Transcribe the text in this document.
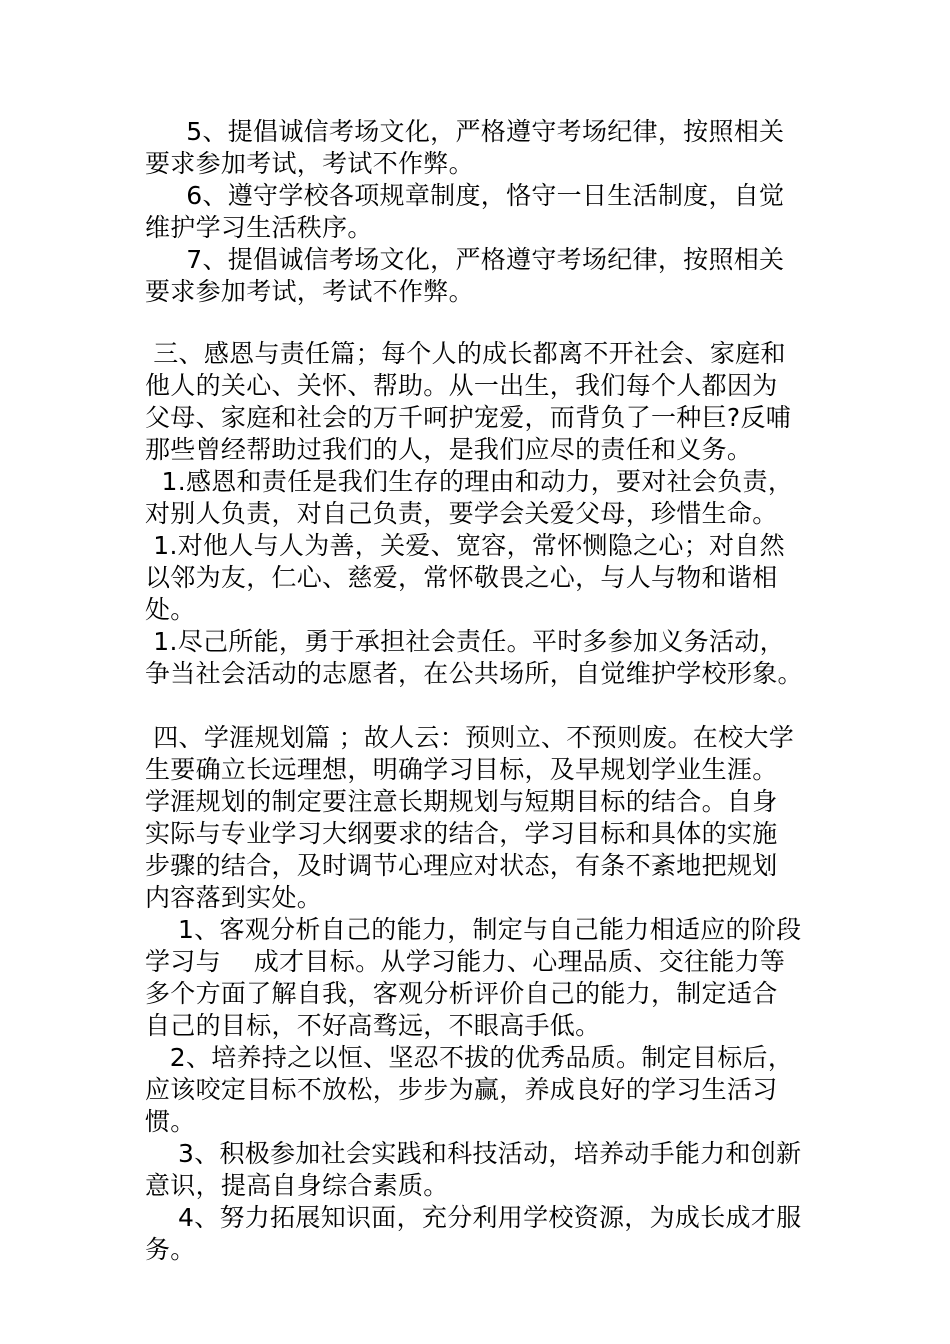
5、提倡诚信考场文化，严格遵守考场纪律，按照相关
要求参加考试，考试不作弊。
6、遵守学校各项规章制度，恪守一日生活制度，自觉
维护学习生活秩序。
7、提倡诚信考场文化，严格遵守考场纪律，按照相关
要求参加考试，考试不作弊。
三、感恩与责任篇；每个人的成长都离不开社会、家庭和
他人的关心、关怀、帮助。从一出生，我们每个人都因为
父母、家庭和社会的万千呵护宠爱，而背负了一种巨?反哺
那些曾经帮助过我们的人，是我们应尽的责任和义务。
1.感恩和责任是我们生存的理由和动力，要对社会负责，
对别人负责，对自己负责，要学会关爱父母，珍惜生命。
1.对他人与人为善，关爱、宽容，常怀恻隐之心；对自然
以邻为友，仁心、慈爱，常怀敬畏之心，与人与物和谐相
处。
1.尽己所能，勇于承担社会责任。平时多参加义务活动，
争当社会活动的志愿者，在公共场所，自觉维护学校形象。
四、学涯规划篇 ；故人云：预则立、不预则废。在校大学
生要确立长远理想，明确学习目标，及早规划学业生涯。
学涯规划的制定要注意长期规划与短期目标的结合。自身
实际与专业学习大纲要求的结合，学习目标和具体的实施
步骤的结合，及时调节心理应对状态，有条不紊地把规划
内容落到实处。
1、客观分析自己的能力，制定与自己能力相适应的阶段
学习与    成才目标。从学习能力、心理品质、交往能力等
多个方面了解自我，客观分析评价自己的能力，制定适合
自己的目标，不好高骛远，不眼高手低。
2、培养持之以恒、坚忍不拔的优秀品质。制定目标后，
应该咬定目标不放松，步步为赢，养成良好的学习生活习
惯。
3、积极参加社会实践和科技活动，培养动手能力和创新
意识，提高自身综合素质。
4、努力拓展知识面，充分利用学校资源，为成长成才服
务。
